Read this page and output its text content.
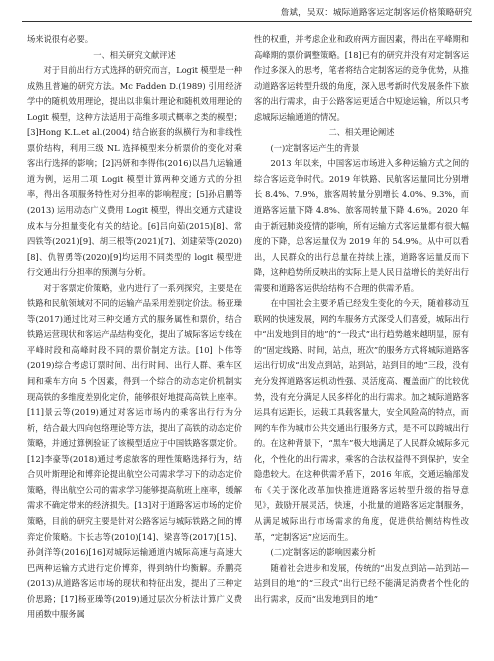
詹斌，吴双：城际道路客运定制客运价格策略研究

场来说很有必要。

一、相关研究文献评述

对于目前出行方式选择的研究而言，Logit 模型是一种成熟且普遍的研究方法。Mc Fadden D.(1989) 引用经济学中的随机效用理论，提出以非集计理论和随机效用理论的 Logit 模型，这种方法适用于高维多项式概率之类的模型；[3]Hong K.L.et al.(2004) 结合嵌套的纵横行为和非线性票价结构，利用三级 NL 选择模型来分析票价的变化对乘客出行选择的影响；[2]冯妍和李得伟(2016)以昌九运输通道为例，运用二项 Logit 模型计算两种交通方式的分担率，得出各项服务特性对分担率的影响程度；[5]孙启鹏等(2013) 运用动态广义费用 Logit 模型，得出交通方式建设成本与分担量变化有关的结论。[6]吕向茹(2015)[8]、常四铁等(2021)[9]、胡三根等(2021)[7]、刘建荣等(2020)[8]、仇智勇等(2020)[9]均运用不同类型的 logit 模型进行交通出行分担率的预测与分析。

对于客票定价策略，业内进行了一系列探究，主要是在铁路和民航领域对不同的运输产品采用差别定价法。杨亚璪等(2017)通过比对三种交通方式的服务属性和票价，结合铁路运营现状和客运产品结构变化，提出了城际客运专线在平峰时段和高峰时段不同的票价制定方法。[10] 卜伟等(2019)综合考虑订票时间、出行时间、出行人群、乘车区间和乘车方向 5 个因素，得到一个综合的动态定价机制实现高铁的多维度差别化定价，能够很好地提高高铁上座率。[11]景云等(2019)通过对客运市场内的乘客出行行为分析，结合最大四向包络理论等方法，提出了高铁的动态定价策略，并通过算例验证了该模型适应于中国铁路客票定价。[12]李豪等(2018)通过考虑旅客的理性策略选择行为，结合贝叶斯理论和博弈论提出航空公司需求学习下的动态定价策略，得出航空公司的需求学习能够提高航班上座率，缓解需求不确定带来的经济损失。[13]对于道路客运市场的定价策略，目前的研究主要是针对公路客运与城际铁路之间的博弈定价策略。卞长志等(2010)[14]、梁喜等(2017)[15]、孙剑洋等(2016)[16]对城际运输通道内城际高速与高速大巴两种运输方式进行定价博弈，得到纳什均衡解。乔鹏亮(2013)从道路客运市场的现状和特征出发，提出了三种定价思路；[17]杨亚璪等(2019)通过层次分析法计算广义费用函数中服务属

性的权重，并考虑企业和政府两方面因素，得出在平峰期和高峰期的票价调整策略。[18]已有的研究并没有对定制客运作过多深入的思考，笔者将结合定制客运的竞争优势，从推动道路客运转型升级的角度，深入思考新时代发展条件下旅客的出行需求，由于公路客运更适合中短途运输，所以只考虑城际运输通道的情况。

二、相关理论阐述

(一)定制客运产生的背景

2013 年以来，中国客运市场进入多种运输方式之间的综合客运竞争时代。2019 年铁路、民航客运量同比分别增长 8.4%、7.9%，旅客周转量分别增长 4.0%、9.3%，而道路客运量下降 4.8%、旅客周转量下降 4.6%。2020 年由于新冠肺炎疫情的影响，所有运输方式客运量都有很大幅度的下降，总客运量仅为 2019 年的 54.9%。从中可以看出，人民群众的出行总量在持续上涨，道路客运量反而下降，这种趋势所反映出的实际上是人民日益增长的美好出行需要和道路客运供给结构不合理的供需矛盾。

在中国社会主要矛盾已经发生变化的今天，随着移动互联网的快速发展，网约车服务方式深受人们喜爱，城际出行中“出发地到目的地”的“一段式”出行趋势越来越明显，原有的“固定线路、时间，站点，班次”的服务方式将城际道路客运出行切成“出发点到站，站到站，站到目的地”三段，没有充分发挥道路客运机动性强、灵活度高、覆盖面广的比较优势，没有充分满足人民多样化的出行需求。加之城际道路客运具有运距长，运载工具载客量大，安全风险高的特点，而网约车作为城市公共交通出行服务方式，是不可以跨城出行的。在这种背景下，“黑车”极大地满足了人民群众城际多元化，个性化的出行需求，乘客的合法权益得不到保护，安全隐患较大。在这种供需矛盾下，2016 年底，交通运输部发布《关于深化改革加快推进道路客运转型升级的指导意见》，鼓励开展灵活，快速，小批量的道路客运定制服务，从满足城际出行市场需求的角度，促进供给侧结构性改革，“定制客运”应运而生。

(二)定制客运的影响因素分析

随着社会进步和发展，传统的“出发点到站—站到站—站到目的地”的“三段式”出行已经不能满足消费者个性化的出行需求，反而“出发地到目的地”
